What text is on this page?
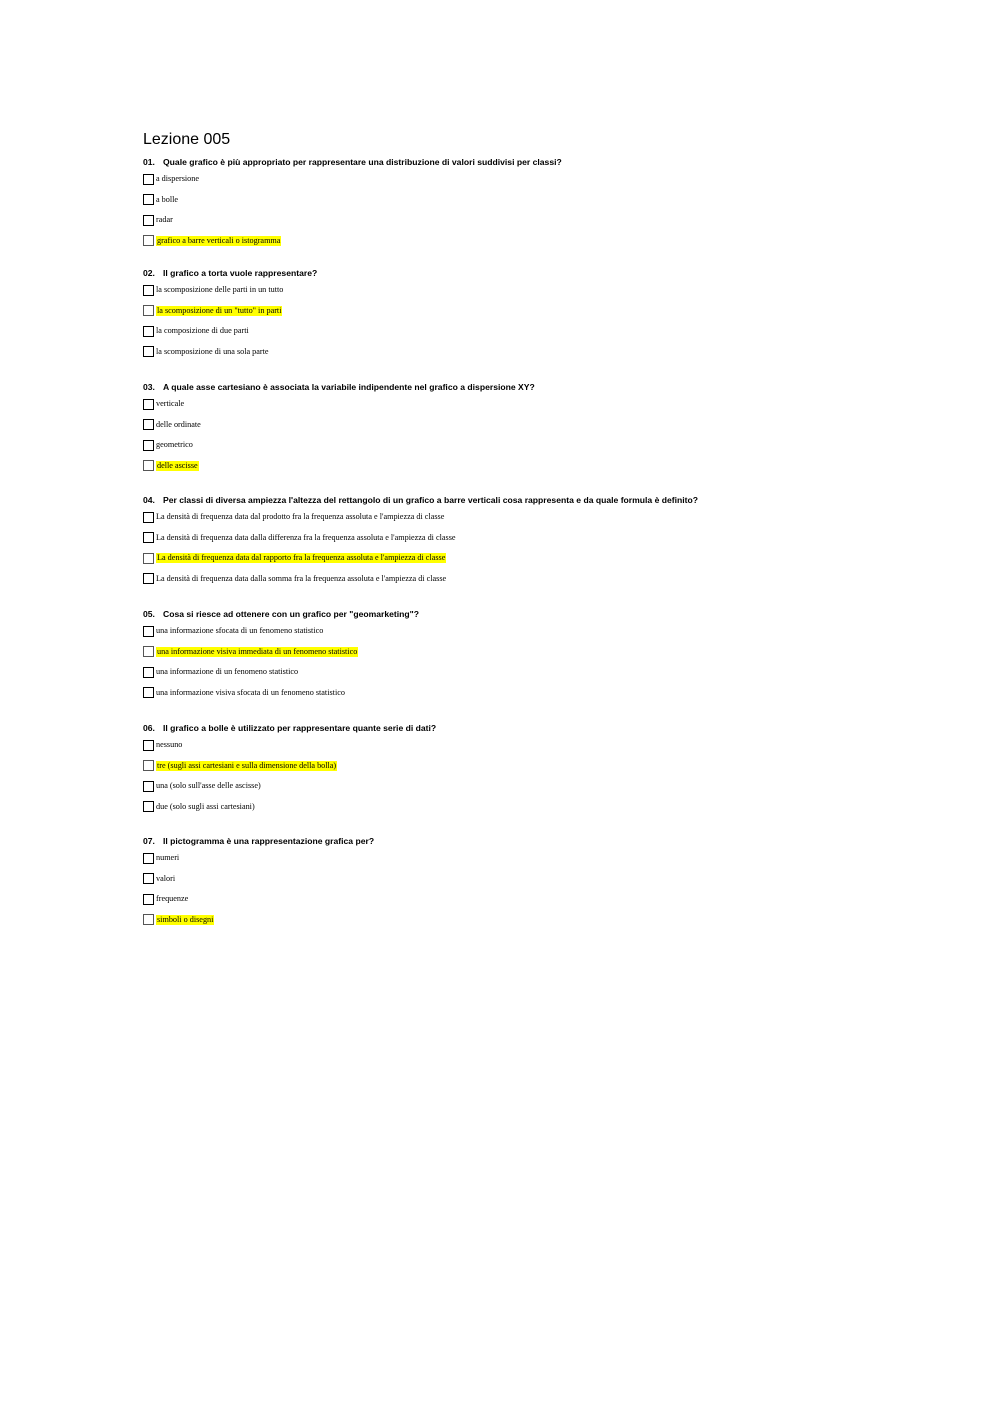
Lezione 005
01. Quale grafico è più appropriato per rappresentare una distribuzione di valori suddivisi per classi?
a dispersione
a bolle
radar
grafico a barre verticali o istogramma
02. Il grafico a torta vuole rappresentare?
la scomposizione delle parti in un tutto
la scomposizione di un "tutto" in parti
la composizione di due parti
la scomposizione di una sola parte
03. A quale asse cartesiano è associata la variabile indipendente nel grafico a dispersione XY?
verticale
delle ordinate
geometrico
delle ascisse
04. Per classi di diversa ampiezza l'altezza del rettangolo di un grafico a barre verticali cosa rappresenta e da quale formula è definito?
La densità di frequenza data dal prodotto fra la frequenza assoluta e l'ampiezza di classe
La densità di frequenza data dalla differenza fra la frequenza assoluta e l'ampiezza di classe
La densità di frequenza data dal rapporto fra la frequenza assoluta e l'ampiezza di classe
La densità di frequenza data dalla somma fra la frequenza assoluta e l'ampiezza di classe
05. Cosa si riesce ad ottenere con un grafico per "geomarketing"?
una informazione sfocata di un fenomeno statistico
una informazione visiva immediata di un fenomeno statistico
una informazione di un fenomeno statistico
una informazione visiva sfocata di un fenomeno statistico
06. Il grafico a bolle è utilizzato per rappresentare quante serie di dati?
nessuno
tre (sugli assi cartesiani e sulla dimensione della bolla)
una (solo sull'asse delle ascisse)
due (solo sugli assi cartesiani)
07. Il pictogramma è una rappresentazione grafica per?
numeri
valori
frequenze
simboli o disegni
